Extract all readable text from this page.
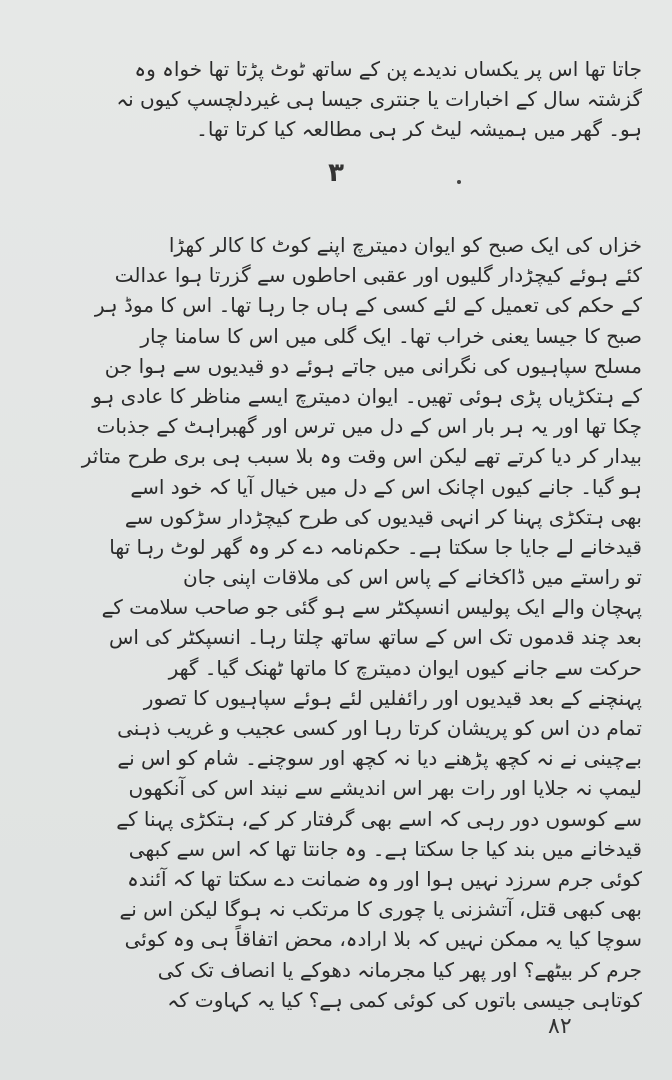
جاتا تھا اس پر یکساں ندیدے پن کے ساتھ ٹوٹ پڑتا تھا خواہ وہ
گزشتہ سال کے اخبارات یا جنتری جیسا ہی غیردلچسپ کیوں نہ
ہو۔ گھر میں ہمیشہ لیٹ کر ہی مطالعہ کیا کرتا تھا۔
۳
خزاں کی ایک صبح کو ایوان دمیترچ اپنے کوٹ کا کالر کھڑا
کئے ہوئے کیچڑدار گلیوں اور عقبی احاطوں سے گزرتا ہوا عدالت
کے حکم کی تعمیل کے لئے کسی کے ہاں جا رہا تھا۔ اس کا موڈ ہر
صبح کا جیسا یعنی خراب تھا۔ ایک گلی میں اس کا سامنا چار
مسلح سپاہیوں کی نگرانی میں جاتے ہوئے دو قیدیوں سے ہوا جن
کے ہتکڑیاں پڑی ہوئی تھیں۔ ایوان دمیترچ ایسے مناظر کا عادی ہو
چکا تھا اور یہ ہر بار اس کے دل میں ترس اور گھبراہٹ کے جذبات
بیدار کر دیا کرتے تھے لیکن اس وقت وہ بلا سبب ہی بری طرح متاثر
ہو گیا۔ جانے کیوں اچانک اس کے دل میں خیال آیا کہ خود اسے
بھی ہتکڑی پہنا کر انہی قیدیوں کی طرح کیچڑدار سڑکوں سے
قیدخانے لے جایا جا سکتا ہے۔ حکم‌نامہ دے کر وہ گھر لوٹ رہا تھا
تو راستے میں ڈاکخانے کے پاس اس کی ملاقات اپنی جان
پہچان والے ایک پولیس انسپکٹر سے ہو گئی جو صاحب سلامت کے
بعد چند قدموں تک اس کے ساتھ ساتھ چلتا رہا۔ انسپکٹر کی اس
حرکت سے جانے کیوں ایوان دمیترچ کا ماتھا ٹھنک گیا۔ گھر
پہنچنے کے بعد قیدیوں اور رائفلیں لئے ہوئے سپاہیوں کا تصور
تمام دن اس کو پریشان کرتا رہا اور کسی عجیب و غریب ذہنی
بےچینی نے نہ کچھ پڑھنے دیا نہ کچھ اور سوچنے۔ شام کو اس نے
لیمپ نہ جلایا اور رات بھر اس اندیشے سے نیند اس کی آنکھوں
سے کوسوں دور رہی کہ اسے بھی گرفتار کر کے، ہتکڑی پہنا کے
قیدخانے میں بند کیا جا سکتا ہے۔ وہ جانتا تھا کہ اس سے کبھی
کوئی جرم سرزد نہیں ہوا اور وہ ضمانت دے سکتا تھا کہ آئندہ
بھی کبھی قتل، آتشزنی یا چوری کا مرتکب نہ ہوگا لیکن اس نے
سوچا کیا یہ ممکن نہیں کہ بلا ارادہ، محض اتفاقاً ہی وہ کوئی
جرم کر بیٹھے؟ اور پھر کیا مجرمانہ دھوکے یا انصاف تک کی
کوتاہی جیسی باتوں کی کوئی کمی ہے؟ کیا یہ کہاوت کہ
۸۲
